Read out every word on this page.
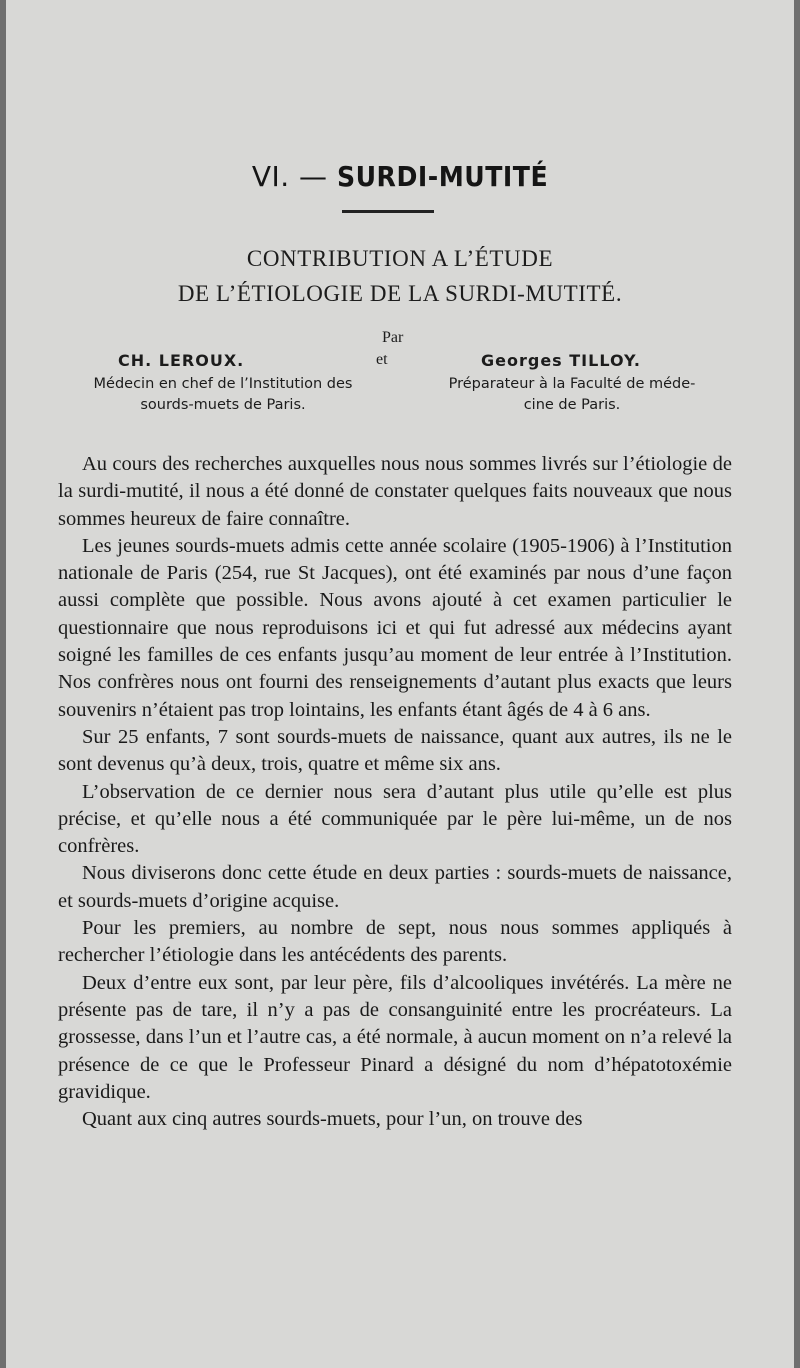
VI. — SURDI-MUTITÉ
CONTRIBUTION A L’ÉTUDE
DE L’ÉTIOLOGIE DE LA SURDI-MUTITÉ.
Par
CH. LEROUX.	et	Georges TILLOY.
Médecin en chef de l’Institution des
sourds-muets de Paris.
Préparateur à la Faculté de méde-
cine de Paris.

Au cours des recherches auxquelles nous nous sommes livrés sur l’étiologie de la surdi-mutité, il nous a été donné de constater quelques faits nouveaux que nous sommes heureux de faire connaître.

Les jeunes sourds-muets admis cette année scolaire (1905-1906) à l’Institution nationale de Paris (254, rue St Jacques), ont été examinés par nous d’une façon aussi complète que possible. Nous avons ajouté à cet examen particulier le questionnaire que nous reproduisons ici et qui fut adressé aux médecins ayant soigné les familles de ces enfants jusqu’au moment de leur entrée à l’Institution. Nos confrères nous ont fourni des renseignements d’autant plus exacts que leurs souvenirs n’étaient pas trop lointains, les enfants étant âgés de 4 à 6 ans.

Sur 25 enfants, 7 sont sourds-muets de naissance, quant aux autres, ils ne le sont devenus qu’à deux, trois, quatre et même six ans.

L’observation de ce dernier nous sera d’autant plus utile qu’elle est plus précise, et qu’elle nous a été communiquée par le père lui-même, un de nos confrères.

Nous diviserons donc cette étude en deux parties : sourds-muets de naissance, et sourds-muets d’origine acquise.

Pour les premiers, au nombre de sept, nous nous sommes appliqués à rechercher l’étiologie dans les antécédents des parents.

Deux d’entre eux sont, par leur père, fils d’alcooliques invétérés. La mère ne présente pas de tare, il n’y a pas de consanguinité entre les procréateurs. La grossesse, dans l’un et l’autre cas, a été normale, à aucun moment on n’a relevé la présence de ce que le Professeur Pinard a désigné du nom d’hépatotoxémie gravidique.

Quant aux cinq autres sourds-muets, pour l’un, on trouve des
